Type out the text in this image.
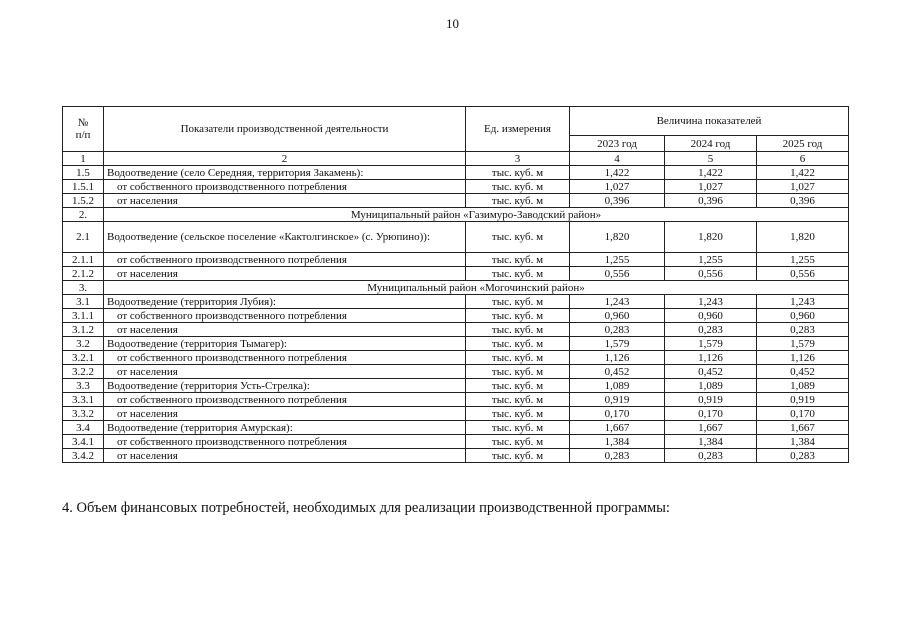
10
№
п/п	Показатели производственной деятельности	Ед. измерения	Величина показателей		
			2023 год	2024 год	2025 год
1	2	3	4	5	6
1.5	Водоотведение (село Середняя, территория Закамень):	тыс. куб. м	1,422	1,422	1,422
1.5.1	от собственного производственного потребления	тыс. куб. м	1,027	1,027	1,027
1.5.2	от населения	тыс. куб. м	0,396	0,396	0,396
2.	Муниципальный район «Газимуро-Заводский район»				
2.1	Водоотведение (сельское поселение «Кактолгинское» (с. Урюпино)):	тыс. куб. м	1,820	1,820	1,820
2.1.1	от собственного производственного потребления	тыс. куб. м	1,255	1,255	1,255
2.1.2	от населения	тыс. куб. м	0,556	0,556	0,556
3.	Муниципальный район «Могочинский район»				
3.1	Водоотведение (территория Лубия):	тыс. куб. м	1,243	1,243	1,243
3.1.1	от собственного производственного потребления	тыс. куб. м	0,960	0,960	0,960
3.1.2	от населения	тыс. куб. м	0,283	0,283	0,283
3.2	Водоотведение (территория Тымагер):	тыс. куб. м	1,579	1,579	1,579
3.2.1	от собственного производственного потребления	тыс. куб. м	1,126	1,126	1,126
3.2.2	от населения	тыс. куб. м	0,452	0,452	0,452
3.3	Водоотведение (территория Усть-Стрелка):	тыс. куб. м	1,089	1,089	1,089
3.3.1	от собственного производственного потребления	тыс. куб. м	0,919	0,919	0,919
3.3.2	от населения	тыс. куб. м	0,170	0,170	0,170
3.4	Водоотведение (территория Амурская):	тыс. куб. м	1,667	1,667	1,667
3.4.1	от собственного производственного потребления	тыс. куб. м	1,384	1,384	1,384
3.4.2	от населения	тыс. куб. м	0,283	0,283	0,283
4. Объем финансовых потребностей, необходимых для реализации производственной программы:
